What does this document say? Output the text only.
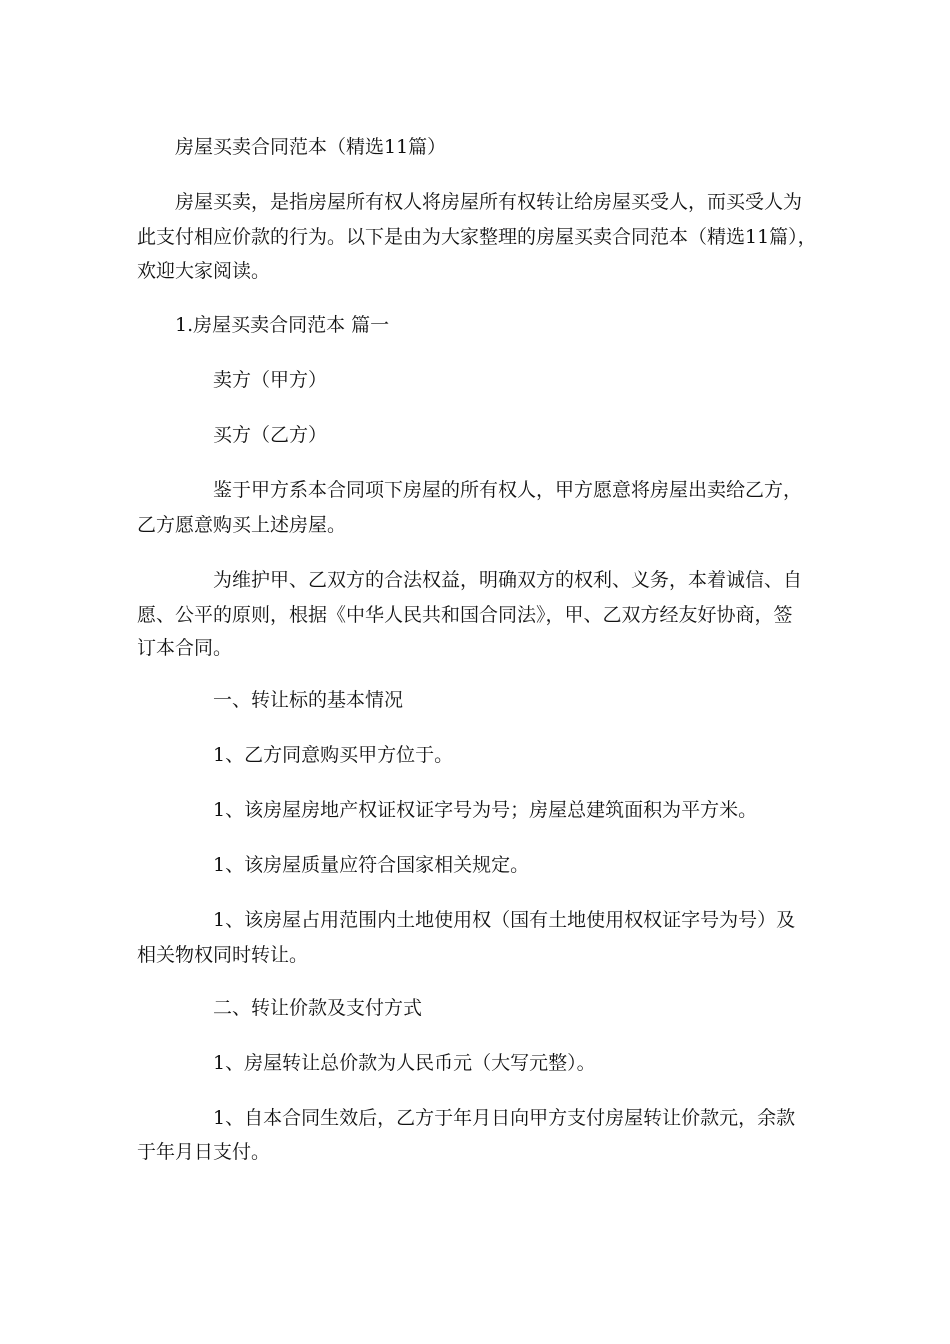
房屋买卖合同范本（精选11篇）

房屋买卖，是指房屋所有权人将房屋所有权转让给房屋买受人，而买受人为

此支付相应价款的行为。以下是由为大家整理的房屋买卖合同范本（精选11篇），

欢迎大家阅读。

1.房屋买卖合同范本 篇一

卖方（甲方）

买方（乙方）

鉴于甲方系本合同项下房屋的所有权人，甲方愿意将房屋出卖给乙方，

乙方愿意购买上述房屋。

为维护甲、乙双方的合法权益，明确双方的权利、义务，本着诚信、自

愿、公平的原则，根据《中华人民共和国合同法》，甲、乙双方经友好协商，签

订本合同。

一、转让标的基本情况

1、乙方同意购买甲方位于。

1、该房屋房地产权证权证字号为号；房屋总建筑面积为平方米。

1、该房屋质量应符合国家相关规定。

1、该房屋占用范围内土地使用权（国有土地使用权权证字号为号）及

相关物权同时转让。

二、转让价款及支付方式

1、房屋转让总价款为人民币元（大写元整）。

1、自本合同生效后，乙方于年月日向甲方支付房屋转让价款元，余款

于年月日支付。
